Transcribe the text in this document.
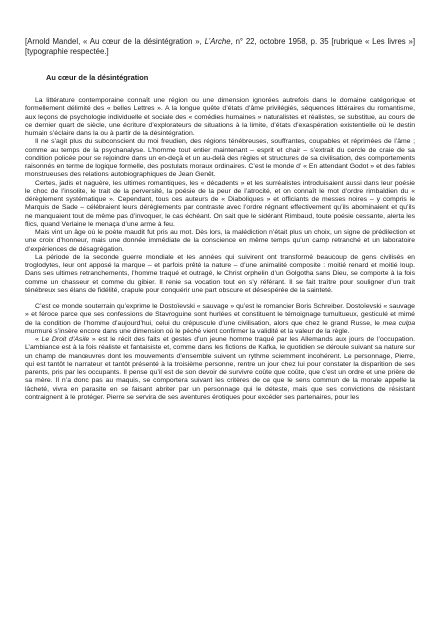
[Arnold Mandel, « Au cœur de la désintégration », L’Arche, n° 22, octobre 1958, p. 35 [rubrique « Les livres »] [typographie respectée.]
Au cœur de la désintégration

La littérature contemporaine connaît une région ou une dimension ignorées autrefois dans le domaine catégorique et formellement délimité des « belles Lettres ». A la longue quête d’états d’âme privilégiés, séquences littéraires du romantisme, aux leçons de psychologie individuelle et sociale des « comédies humaines » naturalistes et réalistes, se substitue, au cours de ce dernier quart de siècle, une écriture d’explorateurs de situations à la limite, d’états d’exaspération existentielle où le destin humain s’éclaire dans la ou à partir de la désintégration.

Il ne s’agit plus du subconscient du moi freudien, des régions ténébreuses, souffrantes, coupables et réprimées de l’âme ; comme au temps de la psychanalyse. L’homme tout entier maintenant – esprit et chair – s’extrait du cercle de craie de sa condition policée pour se rejoindre dans un en-deçà et un au-delà des règles et structures de sa civilisation, des comportements raisonnés en terme de logique formelle, des postulats moraux ordinaires. C’est le monde d’ « En attendant Godot » et des fables monstrueuses des relations autobiographiques de Jean Genêt.

Certes, jadis et naguère, les ultimes romantiques, les « décadents » et les surréalistes introduisaient aussi dans leur poésie le choc de l’insolite, le trait de la perversité, la poésie de la peur de l’atrocité, et on connaît le mot d’ordre rimbaldien du « dérèglement systématique ». Cependant, tous ces auteurs de « Diaboliques » et officiants de messes noires – y compris le Marquis de Sade – célébraient leurs dérèglements par contraste avec l’ordre régnant effectivement qu’ils abominaient et qu’ils ne manquaient tout de même pas d’invoquer, le cas échéant. On sait que le sidérant Rimbaud, toute poésie cessante, alerta les flics, quand Verlaine le menaça d’une arme à feu.

Mais vint un âge où le poète maudit fut pris au mot. Dès lors, la malédiction n’était plus un choix, un signe de prédilection et une croix d’honneur, mais une donnée immédiate de la conscience en même temps qu’un camp retranché et un laboratoire d’expériences de désagrégation.

La période de la seconde guerre mondiale et les années qui suivirent ont transformé beaucoup de gens civilisés en troglodytes, leur ont apposé la marque – et parfois prêté la nature – d’une animalité composite : moitié renard et moitié loup. Dans ses ultimes retranchements, l’homme traqué et outragé, le Christ orphelin d’un Golgotha sans Dieu, se comporte à la fois comme un chasseur et comme du gibier. Il renie sa vocation tout en s’y référant. Il se fait traître pour souligner d’un trait ténébreux ses élans de fidélité, crapule pour conquérir une part obscure et désespérée de la sainteté.

C’est ce monde souterrain qu’exprime le Dostoïevski « sauvage » qu’est le romancier Boris Schreiber. Dostoïevski « sauvage » et féroce parce que ses confessions de Stavroguine sont hurlées et constituent le témoignage tumultueux, gesticulé et mimé de la condition de l’homme d’aujourd’hui, celui du crépuscule d’une civilisation, alors que chez le grand Russe, le mea culpa murmuré s’insère encore dans une dimension où le péché vient confirmer la validité et la valeur de la règle.

« Le Droit d’Asile » est le récit des faits et gestes d’un jeune homme traqué par les Allemands aux jours de l’occupation. L’ambiance est à la fois réaliste et fantaisiste et, comme dans les fictions de Kafka, le quotidien se déroule suivant sa nature sur un champ de manœuvres dont les mouvements d’ensemble suivent un rythme sciemment incohérent. Le personnage, Pierre, qui est tantôt le narrateur et tantôt présenté à la troisième personne, rentre un jour chez lui pour constater la disparition de ses parents, pris par les occupants. Il pense qu’il est de son devoir de survivre coûte que coûte, que c’est un ordre et une prière de sa mère. Il n’a donc pas au maquis, se comportera suivant les critères de ce que le sens commun de la morale appelle la lâcheté, vivra en parasite en se faisant abriter par un personnage qui le déteste, mais que ses convictions de résistant contraignent à le protéger. Pierre se servira de ses aventures érotiques pour excéder ses partenaires, pour les
